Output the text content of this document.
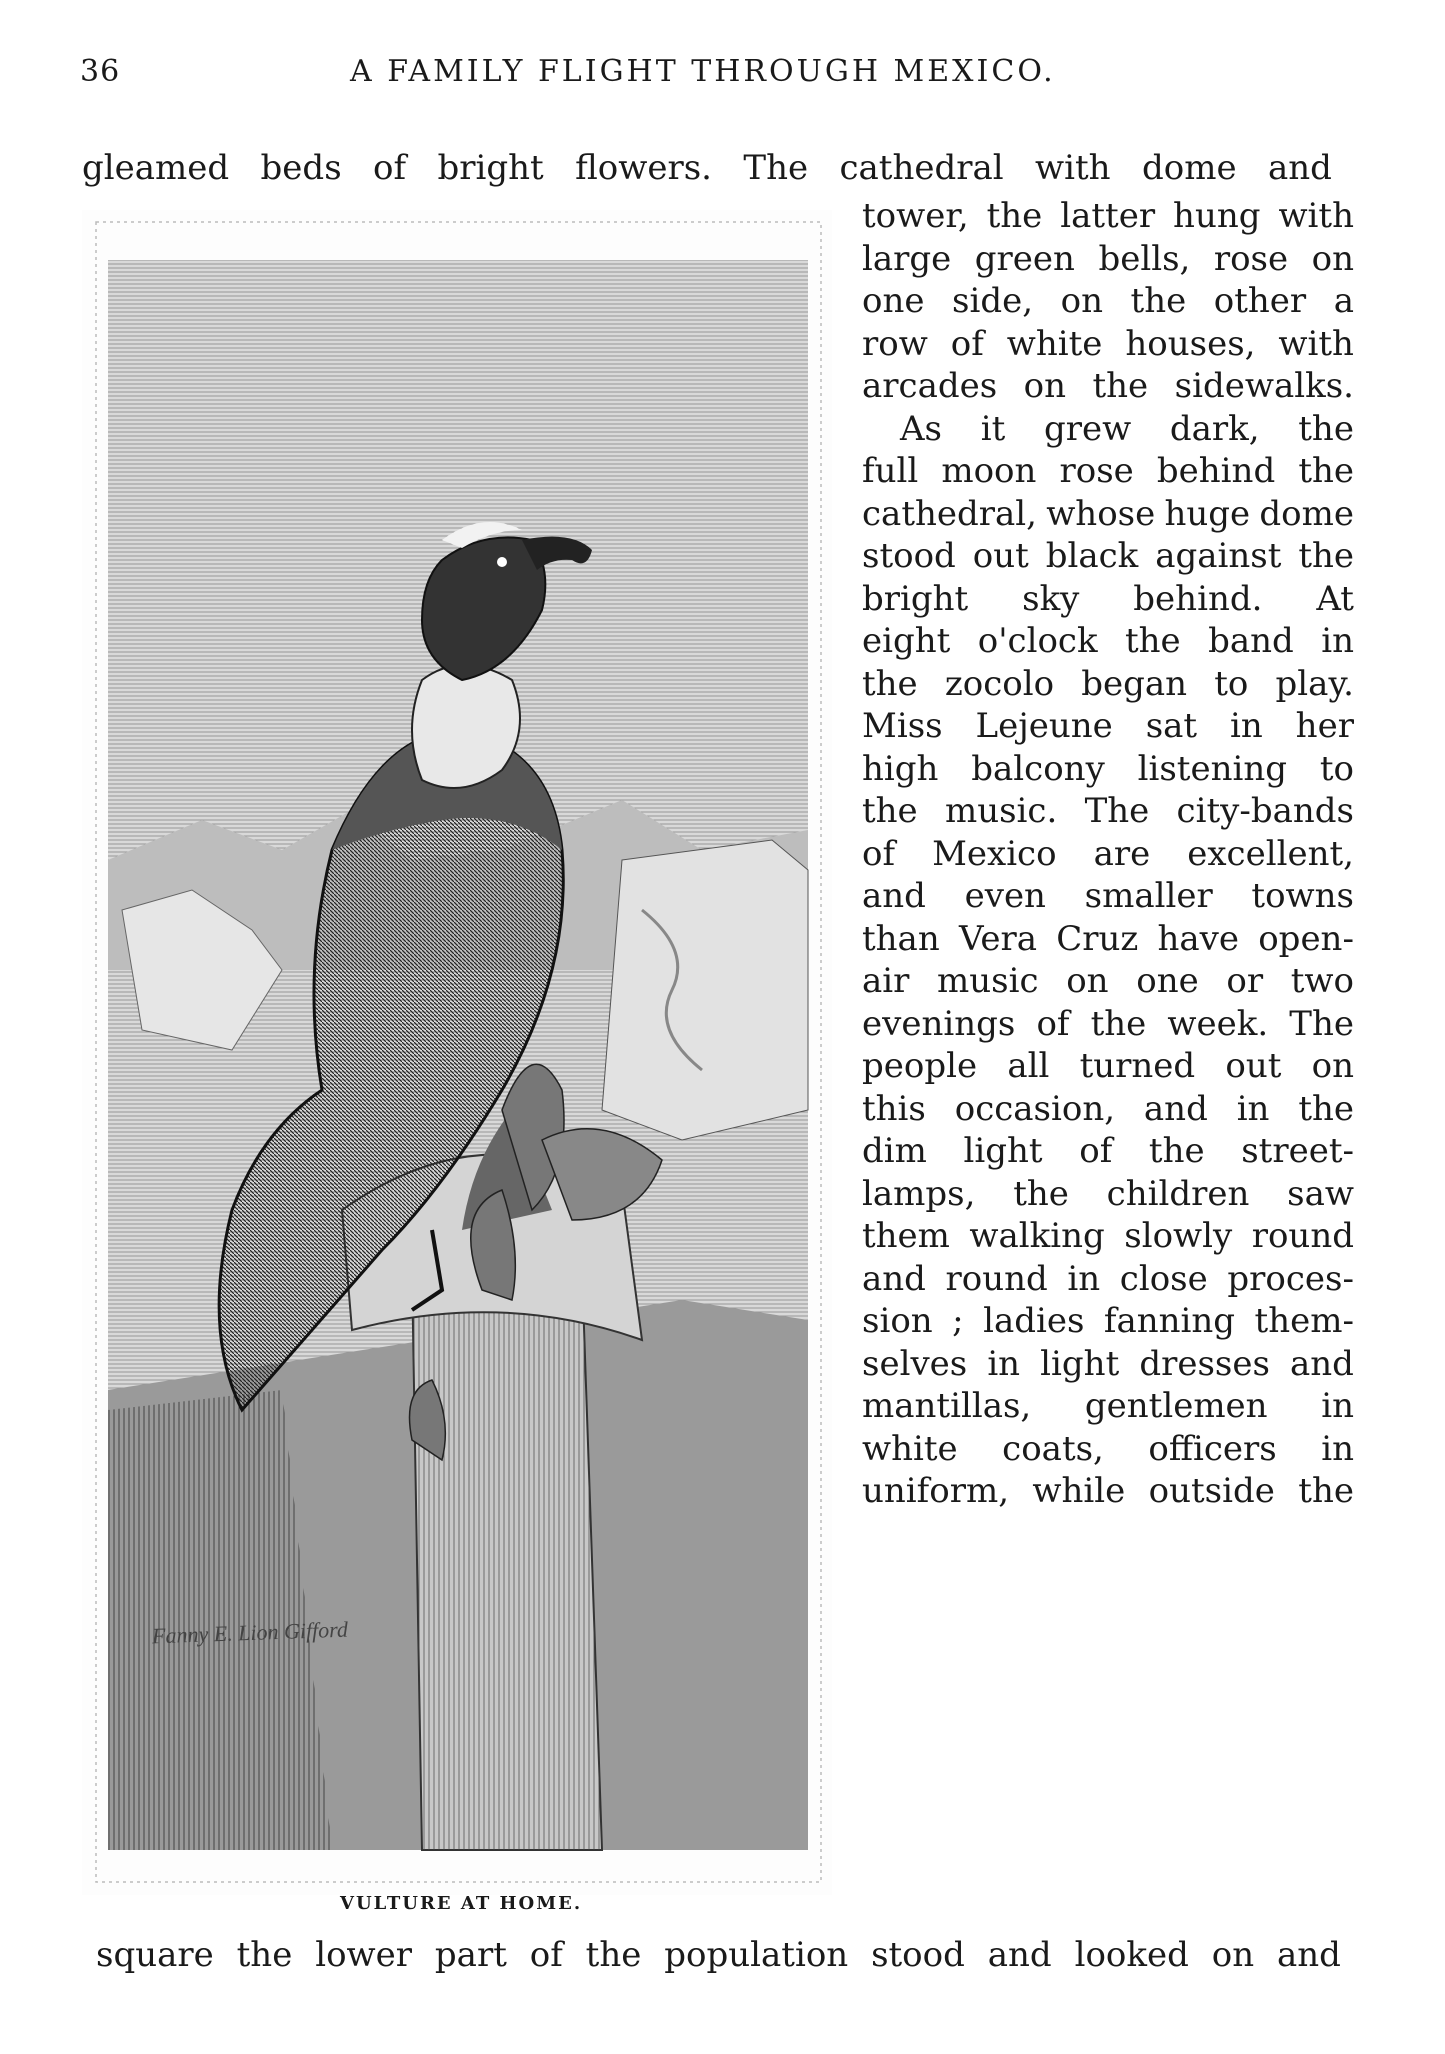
36	A FAMILY FLIGHT THROUGH MEXICO.
gleamed beds of bright flowers. The cathedral with dome and
Fanny E. Lion Gifford
VULTURE AT HOME.
tower, the latter hung with
large green bells, rose on
one side, on the other a
row of white houses, with
arcades on the sidewalks.
As it grew dark, the
full moon rose behind the
cathedral, whose huge dome
stood out black against the
bright sky behind. At
eight o'clock the band in
the zocolo began to play.
Miss Lejeune sat in her
high balcony listening to
the music. The city-bands
of Mexico are excellent,
and even smaller towns
than Vera Cruz have open-
air music on one or two
evenings of the week. The
people all turned out on
this occasion, and in the
dim light of the street-
lamps, the children saw
them walking slowly round
and round in close proces-
sion ; ladies fanning them-
selves in light dresses and
mantillas, gentlemen in
white coats, officers in
uniform, while outside the
square the lower part of the population stood and looked on and
